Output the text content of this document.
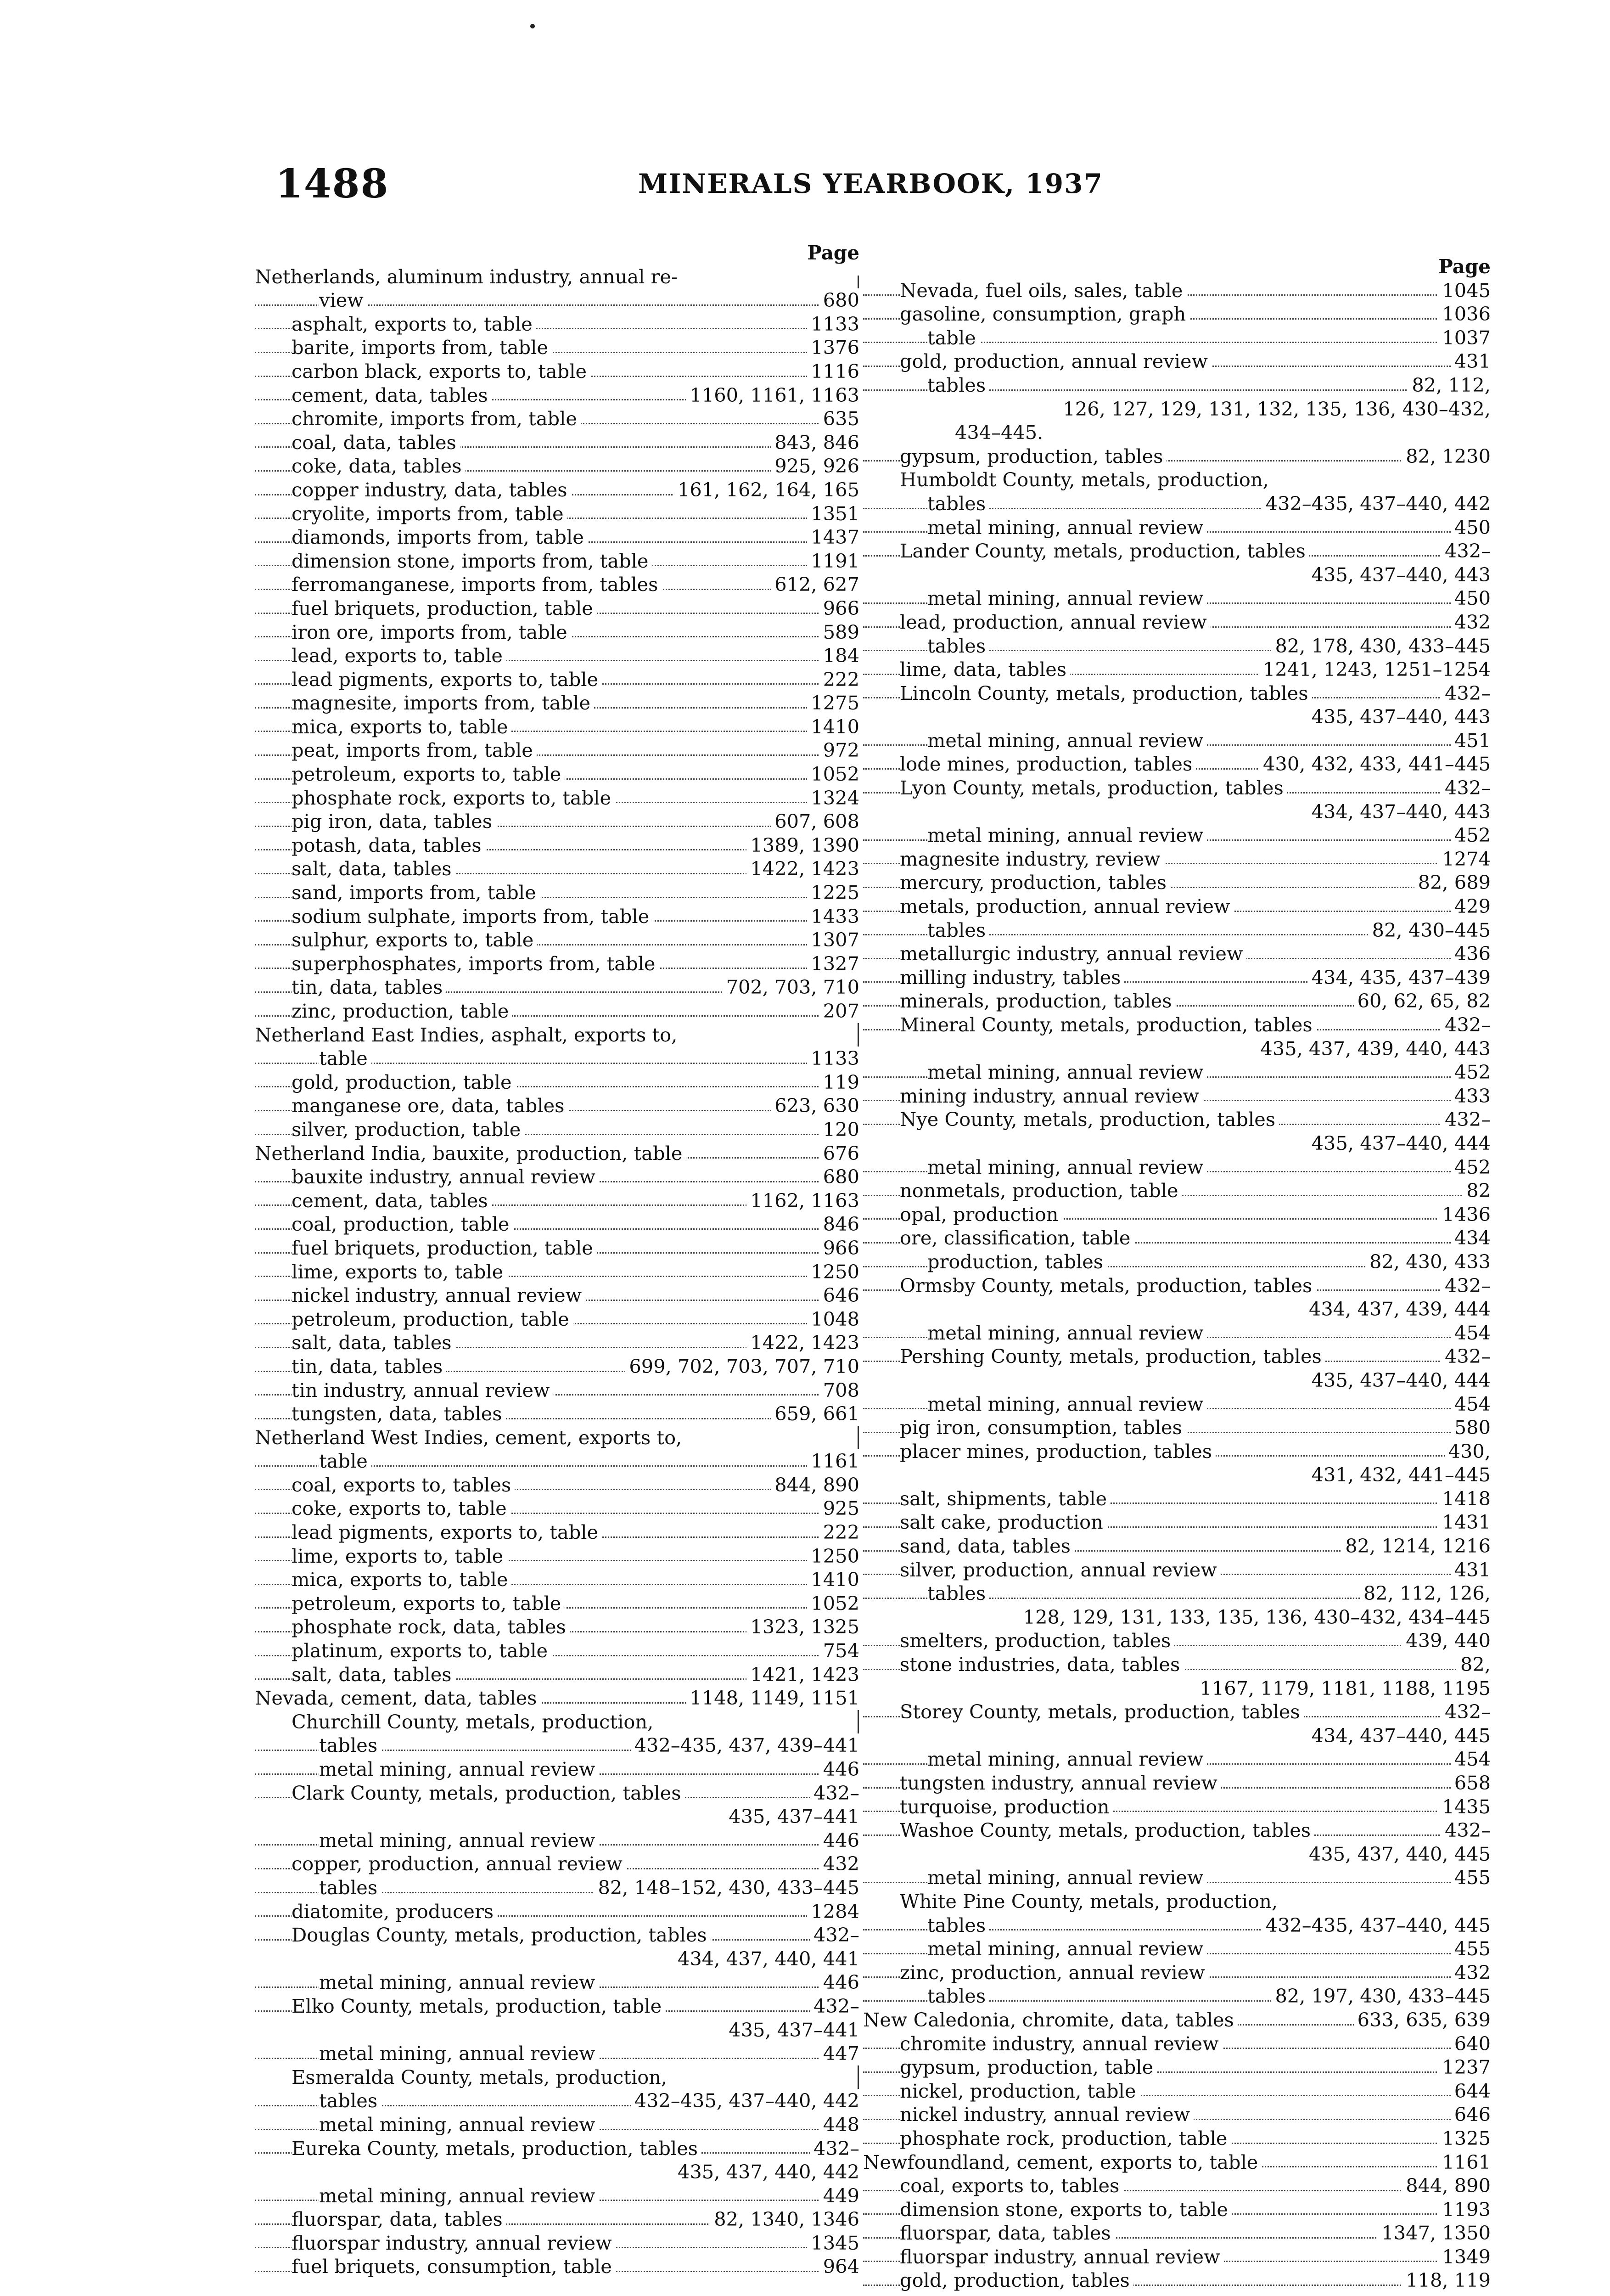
1488	MINERALS YEARBOOK, 1937
Page
Netherlands, aluminum industry, annual re-
view	680
asphalt, exports to, table	1133
barite, imports from, table	1376
carbon black, exports to, table	1116
cement, data, tables	1160, 1161, 1163
chromite, imports from, table	635
coal, data, tables	843, 846
coke, data, tables	925, 926
copper industry, data, tables	161, 162, 164, 165
cryolite, imports from, table	1351
diamonds, imports from, table	1437
dimension stone, imports from, table	1191
ferromanganese, imports from, tables	612, 627
fuel briquets, production, table	966
iron ore, imports from, table	589
lead, exports to, table	184
lead pigments, exports to, table	222
magnesite, imports from, table	1275
mica, exports to, table	1410
peat, imports from, table	972
petroleum, exports to, table	1052
phosphate rock, exports to, table	1324
pig iron, data, tables	607, 608
potash, data, tables	1389, 1390
salt, data, tables	1422, 1423
sand, imports from, table	1225
sodium sulphate, imports from, table	1433
sulphur, exports to, table	1307
superphosphates, imports from, table	1327
tin, data, tables	702, 703, 710
zinc, production, table	207
Netherland East Indies, asphalt, exports to,
table	1133
gold, production, table	119
manganese ore, data, tables	623, 630
silver, production, table	120
Netherland India, bauxite, production, table	676
bauxite industry, annual review	680
cement, data, tables	1162, 1163
coal, production, table	846
fuel briquets, production, table	966
lime, exports to, table	1250
nickel industry, annual review	646
petroleum, production, table	1048
salt, data, tables	1422, 1423
tin, data, tables	699, 702, 703, 707, 710
tin industry, annual review	708
tungsten, data, tables	659, 661
Netherland West Indies, cement, exports to,
table	1161
coal, exports to, tables	844, 890
coke, exports to, table	925
lead pigments, exports to, table	222
lime, exports to, table	1250
mica, exports to, table	1410
petroleum, exports to, table	1052
phosphate rock, data, tables	1323, 1325
platinum, exports to, table	754
salt, data, tables	1421, 1423
Nevada, cement, data, tables	1148, 1149, 1151
Churchill County, metals, production,
tables	432–435, 437, 439–441
metal mining, annual review	446
Clark County, metals, production, tables	432–
435, 437–441
metal mining, annual review	446
copper, production, annual review	432
tables	82, 148–152, 430, 433–445
diatomite, producers	1284
Douglas County, metals, production, tables	432–
434, 437, 440, 441
metal mining, annual review	446
Elko County, metals, production, table	432–
435, 437–441
metal mining, annual review	447
Esmeralda County, metals, production,
tables	432–435, 437–440, 442
metal mining, annual review	448
Eureka County, metals, production, tables	432–
435, 437, 440, 442
metal mining, annual review	449
fluorspar, data, tables	82, 1340, 1346
fluorspar industry, annual review	1345
fuel briquets, consumption, table	964
Page
Nevada, fuel oils, sales, table	1045
gasoline, consumption, graph	1036
table	1037
gold, production, annual review	431
tables	82, 112,
126, 127, 129, 131, 132, 135, 136, 430–432,
434–445.
gypsum, production, tables	82, 1230
Humboldt County, metals, production,
tables	432–435, 437–440, 442
metal mining, annual review	450
Lander County, metals, production, tables	432–
435, 437–440, 443
metal mining, annual review	450
lead, production, annual review	432
tables	82, 178, 430, 433–445
lime, data, tables	1241, 1243, 1251–1254
Lincoln County, metals, production, tables	432–
435, 437–440, 443
metal mining, annual review	451
lode mines, production, tables	430, 432, 433, 441–445
Lyon County, metals, production, tables	432–
434, 437–440, 443
metal mining, annual review	452
magnesite industry, review	1274
mercury, production, tables	82, 689
metals, production, annual review	429
tables	82, 430–445
metallurgic industry, annual review	436
milling industry, tables	434, 435, 437–439
minerals, production, tables	60, 62, 65, 82
Mineral County, metals, production, tables	432–
435, 437, 439, 440, 443
metal mining, annual review	452
mining industry, annual review	433
Nye County, metals, production, tables	432–
435, 437–440, 444
metal mining, annual review	452
nonmetals, production, table	82
opal, production	1436
ore, classification, table	434
production, tables	82, 430, 433
Ormsby County, metals, production, tables	432–
434, 437, 439, 444
metal mining, annual review	454
Pershing County, metals, production, tables	432–
435, 437–440, 444
metal mining, annual review	454
pig iron, consumption, tables	580
placer mines, production, tables	430,
431, 432, 441–445
salt, shipments, table	1418
salt cake, production	1431
sand, data, tables	82, 1214, 1216
silver, production, annual review	431
tables	82, 112, 126,
128, 129, 131, 133, 135, 136, 430–432, 434–445
smelters, production, tables	439, 440
stone industries, data, tables	82,
1167, 1179, 1181, 1188, 1195
Storey County, metals, production, tables	432–
434, 437–440, 445
metal mining, annual review	454
tungsten industry, annual review	658
turquoise, production	1435
Washoe County, metals, production, tables	432–
435, 437, 440, 445
metal mining, annual review	455
White Pine County, metals, production,
tables	432–435, 437–440, 445
metal mining, annual review	455
zinc, production, annual review	432
tables	82, 197, 430, 433–445
New Caledonia, chromite, data, tables	633, 635, 639
chromite industry, annual review	640
gypsum, production, table	1237
nickel, production, table	644
nickel industry, annual review	646
phosphate rock, production, table	1325
Newfoundland, cement, exports to, table	1161
coal, exports to, tables	844, 890
dimension stone, exports to, table	1193
fluorspar, data, tables	1347, 1350
fluorspar industry, annual review	1349
gold, production, tables	118, 119
